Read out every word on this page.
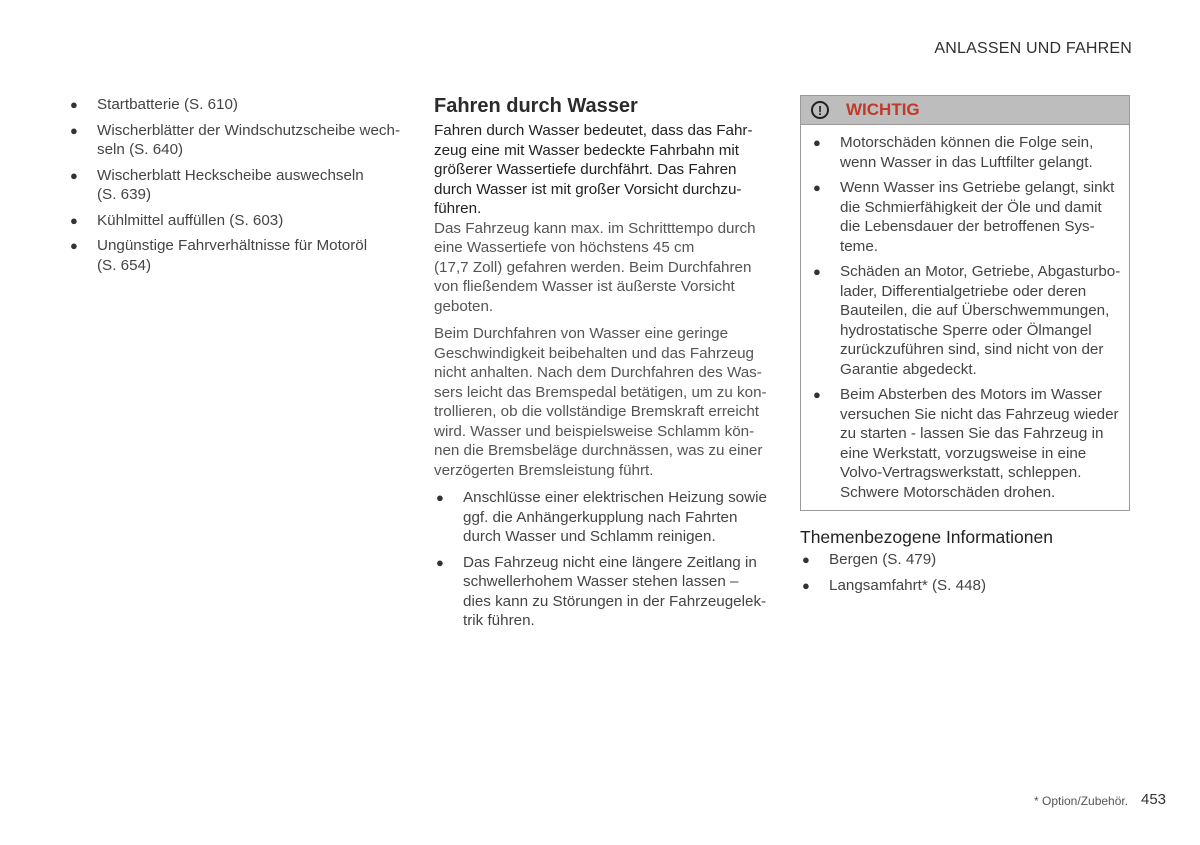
ANLASSEN UND FAHREN
● Startbatterie (S. 610)
● Wischerblätter der Windschutzscheibe wech-
seln (S. 640)
● Wischerblatt Heckscheibe auswechseln
(S. 639)
● Kühlmittel auffüllen (S. 603)
● Ungünstige Fahrverhältnisse für Motoröl
(S. 654)
Fahren durch Wasser

Fahren durch Wasser bedeutet, dass das Fahr-
zeug eine mit Wasser bedeckte Fahrbahn mit
größerer Wassertiefe durchfährt. Das Fahren
durch Wasser ist mit großer Vorsicht durchzu-
führen.

Das Fahrzeug kann max. im Schritttempo durch
eine Wassertiefe von höchstens 45 cm
(17,7 Zoll) gefahren werden. Beim Durchfahren
von fließendem Wasser ist äußerste Vorsicht
geboten.

Beim Durchfahren von Wasser eine geringe
Geschwindigkeit beibehalten und das Fahrzeug
nicht anhalten. Nach dem Durchfahren des Was-
sers leicht das Bremspedal betätigen, um zu kon-
trollieren, ob die vollständige Bremskraft erreicht
wird. Wasser und beispielsweise Schlamm kön-
nen die Bremsbeläge durchnässen, was zu einer
verzögerten Bremsleistung führt.

● Anschlüsse einer elektrischen Heizung sowie
ggf. die Anhängerkupplung nach Fahrten
durch Wasser und Schlamm reinigen.
● Das Fahrzeug nicht eine längere Zeitlang in
schwellerhohem Wasser stehen lassen –
dies kann zu Störungen in der Fahrzeugelek-
trik führen.
!	WICHTIG
● Motorschäden können die Folge sein,
wenn Wasser in das Luftfilter gelangt.
● Wenn Wasser ins Getriebe gelangt, sinkt
die Schmierfähigkeit der Öle und damit
die Lebensdauer der betroffenen Sys-
teme.
● Schäden an Motor, Getriebe, Abgasturbo-
lader, Differentialgetriebe oder deren
Bauteilen, die auf Überschwemmungen,
hydrostatische Sperre oder Ölmangel
zurückzuführen sind, sind nicht von der
Garantie abgedeckt.
● Beim Absterben des Motors im Wasser
versuchen Sie nicht das Fahrzeug wieder
zu starten - lassen Sie das Fahrzeug in
eine Werkstatt, vorzugsweise in eine
Volvo-Vertragswerkstatt, schleppen.
Schwere Motorschäden drohen.
Themenbezogene Informationen
● Bergen (S. 479)
● Langsamfahrt* (S. 448)
* Option/Zubehör. 453
